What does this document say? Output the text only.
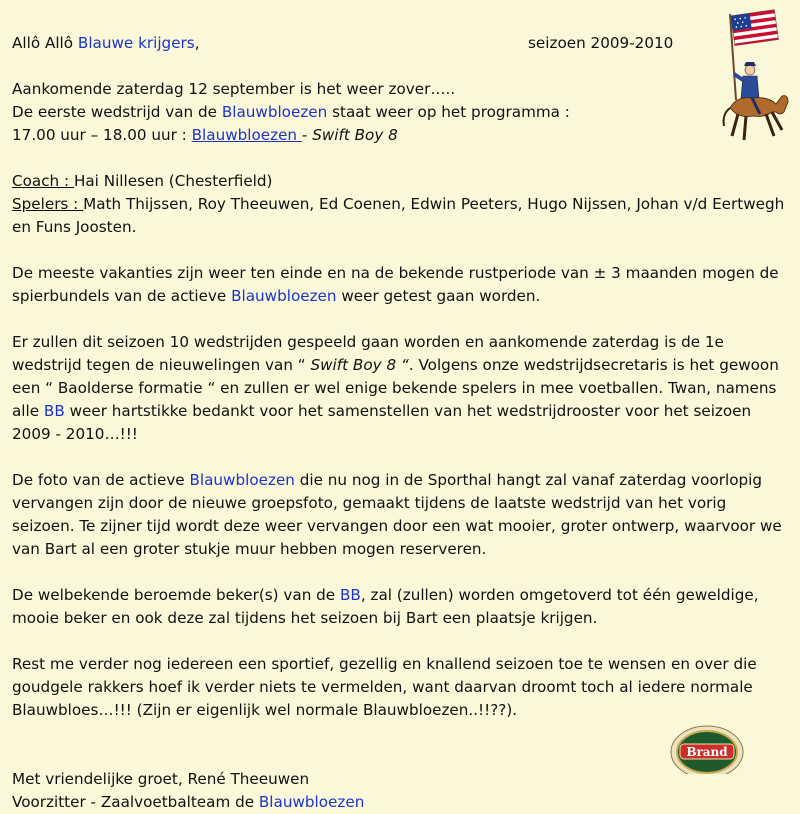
Allô Allô Blauwe krijgers,	seizoen 2009-2010
Aankomende zaterdag 12 september is het weer zover…..
De eerste wedstrijd van de Blauwbloezen staat weer op het programma :
17.00 uur – 18.00 uur : Blauwbloezen - Swift Boy 8
Coach : Hai Nillesen (Chesterfield)
Spelers : Math Thijssen, Roy Theeuwen, Ed Coenen, Edwin Peeters, Hugo Nijssen, Johan v/d Eertwegh en Funs Joosten.
De meeste vakanties zijn weer ten einde en na de bekende rustperiode van ± 3 maanden mogen de spierbundels van de actieve Blauwbloezen weer getest gaan worden.
Er zullen dit seizoen 10 wedstrijden gespeeld gaan worden en aankomende zaterdag is de 1e wedstrijd tegen de nieuwelingen van “ Swift Boy 8 “. Volgens onze wedstrijdsecretaris is het gewoon een “ Baolderse formatie “ en zullen er wel enige bekende spelers in mee voetballen. Twan, namens alle BB weer hartstikke bedankt voor het samenstellen van het wedstrijdrooster voor het seizoen 2009 - 2010…!!!
De foto van de actieve Blauwbloezen die nu nog in de Sporthal hangt zal vanaf zaterdag voorlopig vervangen zijn door de nieuwe groepsfoto, gemaakt tijdens de laatste wedstrijd van het vorig seizoen. Te zijner tijd wordt deze weer vervangen door een wat mooier, groter ontwerp, waarvoor we van Bart al een groter stukje muur hebben mogen reserveren.
De welbekende beroemde beker(s) van de BB, zal (zullen) worden omgetoverd tot één geweldige, mooie beker en ook deze zal tijdens het seizoen bij Bart een plaatsje krijgen.
Rest me verder nog iedereen een sportief, gezellig en knallend seizoen toe te wensen en over die goudgele rakkers hoef ik verder niets te vermelden, want daarvan droomt toch al iedere normale Blauwbloes…!!! (Zijn er eigenlijk wel normale Blauwbloezen..!!??).
Met vriendelijke groet, René Theeuwen
Voorzitter - Zaalvoetbalteam de Blauwbloezen
Brand
